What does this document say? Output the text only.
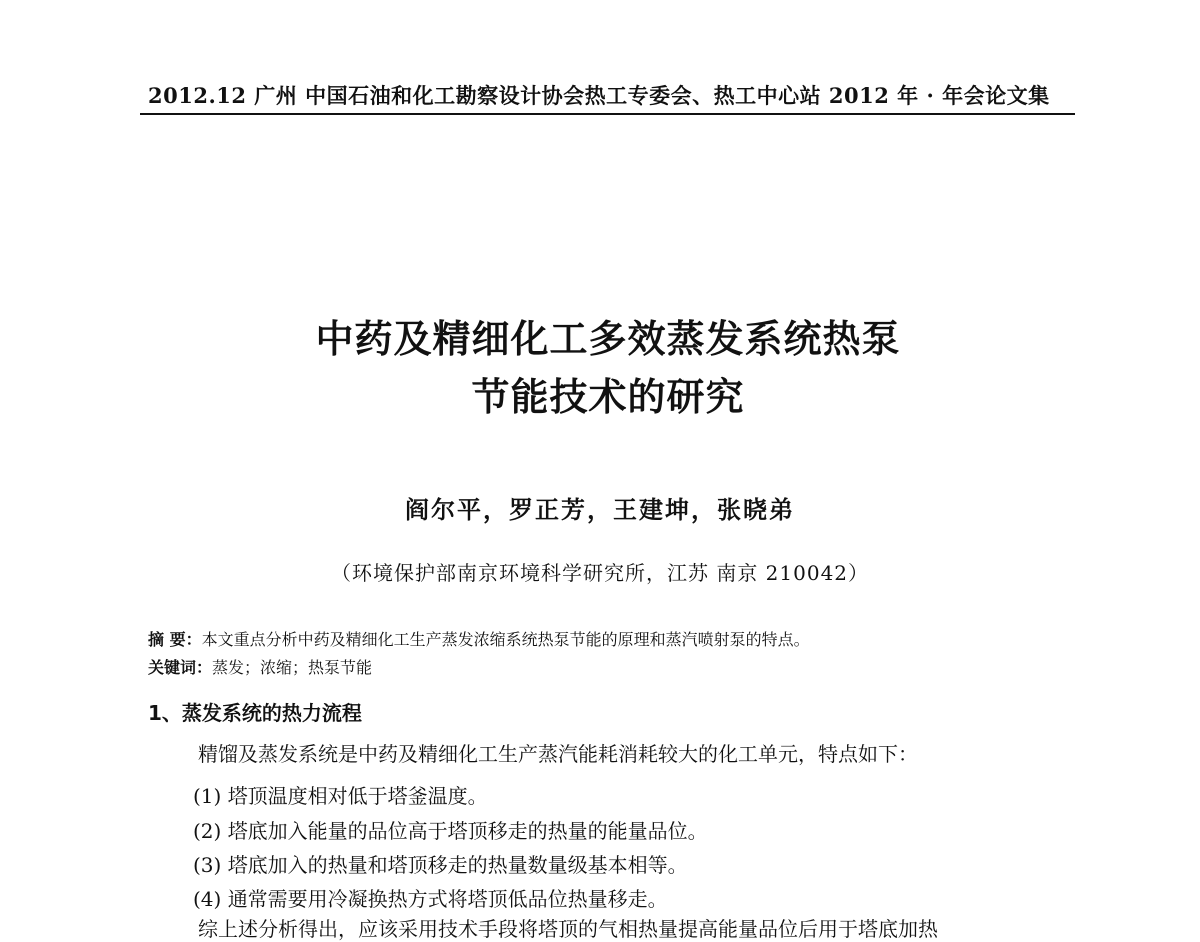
2012.12 广州 中国石油和化工勘察设计协会热工专委会、热工中心站 2012 年 · 年会论文集
中药及精细化工多效蒸发系统热泵
节能技术的研究
阎尔平，罗正芳，王建坤，张晓弟
（环境保护部南京环境科学研究所，江苏 南京 210042）
摘 要：本文重点分析中药及精细化工生产蒸发浓缩系统热泵节能的原理和蒸汽喷射泵的特点。
关键词：蒸发；浓缩；热泵节能
1、蒸发系统的热力流程
精馏及蒸发系统是中药及精细化工生产蒸汽能耗消耗较大的化工单元，特点如下：
(1) 塔顶温度相对低于塔釜温度。
(2) 塔底加入能量的品位高于塔顶移走的热量的能量品位。
(3) 塔底加入的热量和塔顶移走的热量数量级基本相等。
(4) 通常需要用冷凝换热方式将塔顶低品位热量移走。
综上述分析得出，应该采用技术手段将塔顶的气相热量提高能量品位后用于塔底加热
